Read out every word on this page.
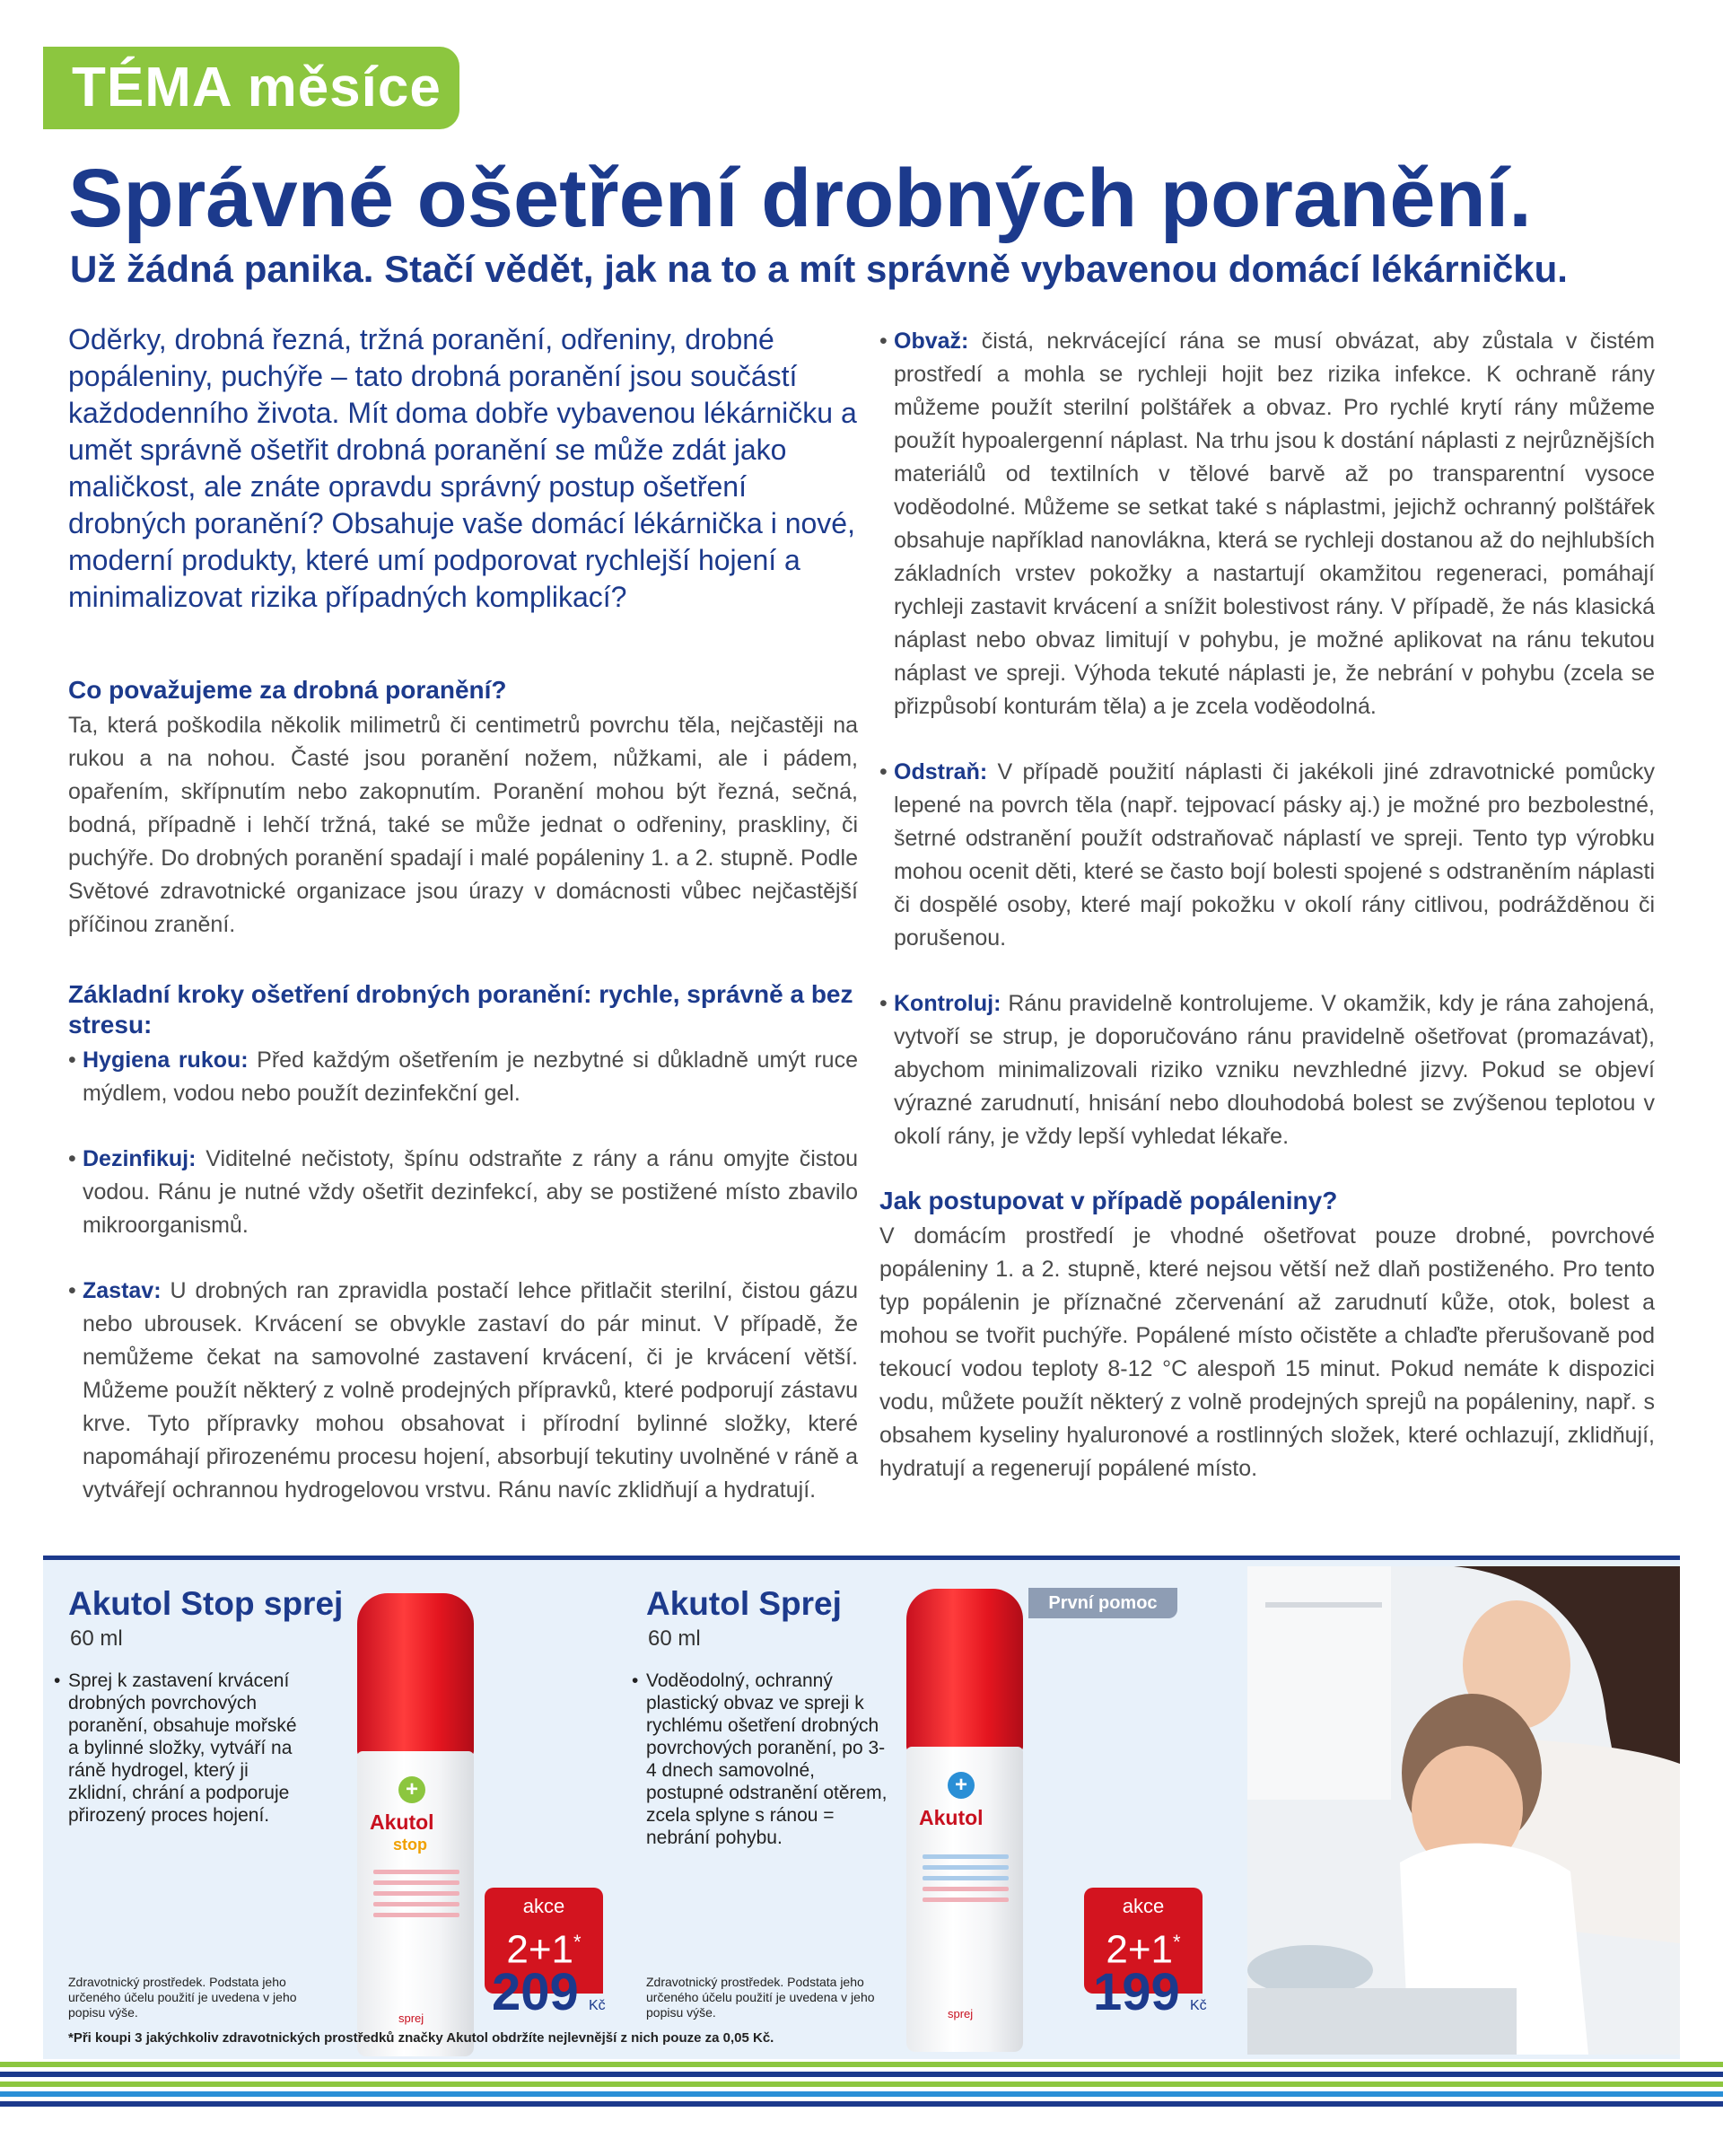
TÉMA měsíce
Správné ošetření drobných poranění.
Už žádná panika. Stačí vědět, jak na to a mít správně vybavenou domácí lékárničku.

Oděrky, drobná řezná, tržná poranění, odřeniny, drobné popáleniny, puchýře – tato drobná poranění jsou součástí každodenního života. Mít doma dobře vybavenou lékárničku a umět správně ošetřit drobná poranění se může zdát jako maličkost, ale znáte opravdu správný postup ošetření drobných poranění? Obsahuje vaše domácí lékárnička i nové, moderní produkty, které umí podporovat rychlejší hojení a minimalizovat rizika případných komplikací?

Co považujeme za drobná poranění?

Ta, která poškodila několik milimetrů či centimetrů povrchu těla, nejčastěji na rukou a na nohou. Časté jsou poranění nožem, nůžkami, ale i pádem, opařením, skřípnutím nebo zakopnutím. Poranění mohou být řezná, sečná, bodná, případně i lehčí tržná, také se může jednat o odřeniny, praskliny, či puchýře. Do drobných poranění spadají i malé popáleniny 1. a 2. stupně. Podle Světové zdravotnické organizace jsou úrazy v domácnosti vůbec nejčastější příčinou zranění.

Základní kroky ošetření drobných poranění: rychle, správně a bez stresu:

• Hygiena rukou: Před každým ošetřením je nezbytné si důkladně umýt ruce mýdlem, vodou nebo použít dezinfekční gel.

• Dezinfikuj: Viditelné nečistoty, špínu odstraňte z rány a ránu omyjte čistou vodou. Ránu je nutné vždy ošetřit dezinfekcí, aby se postižené místo zbavilo mikroorganismů.

• Zastav: U drobných ran zpravidla postačí lehce přitlačit sterilní, čistou gázu nebo ubrousek. Krvácení se obvykle zastaví do pár minut. V případě, že nemůžeme čekat na samovolné zastavení krvácení, či je krvácení větší. Můžeme použít některý z volně prodejných přípravků, které podporují zástavu krve. Tyto přípravky mohou obsahovat i přírodní bylinné složky, které napomáhají přirozenému procesu hojení, absorbují tekutiny uvolněné v ráně a vytvářejí ochrannou hydrogelovou vrstvu. Ránu navíc zklidňují a hydratují.

• Obvaž: čistá, nekrvácející rána se musí obvázat, aby zůstala v čistém prostředí a mohla se rychleji hojit bez rizika infekce. K ochraně rány můžeme použít sterilní polštářek a obvaz. Pro rychlé krytí rány můžeme použít hypoalergenní náplast. Na trhu jsou k dostání náplasti z nejrůznějších materiálů od textilních v tělové barvě až po transparentní vysoce voděodolné. Můžeme se setkat také s náplastmi, jejichž ochranný polštářek obsahuje například nanovlákna, která se rychleji dostanou až do nejhlubších základních vrstev pokožky a nastartují okamžitou regeneraci, pomáhají rychleji zastavit krvácení a snížit bolestivost rány. V případě, že nás klasická náplast nebo obvaz limitují v pohybu, je možné aplikovat na ránu tekutou náplast ve spreji. Výhoda tekuté náplasti je, že nebrání v pohybu (zcela se přizpůsobí konturám těla) a je zcela voděodolná.

• Odstraň: V případě použití náplasti či jakékoli jiné zdravotnické pomůcky lepené na povrch těla (např. tejpovací pásky aj.) je možné pro bezbolestné, šetrné odstranění použít odstraňovač náplastí ve spreji. Tento typ výrobku mohou ocenit děti, které se často bojí bolesti spojené s odstraněním náplasti či dospělé osoby, které mají pokožku v okolí rány citlivou, podrážděnou či porušenou.

• Kontroluj: Ránu pravidelně kontrolujeme. V okamžik, kdy je rána zahojená, vytvoří se strup, je doporučováno ránu pravidelně ošetřovat (promazávat), abychom minimalizovali riziko vzniku nevzhledné jizvy. Pokud se objeví výrazné zarudnutí, hnisání nebo dlouhodobá bolest se zvýšenou teplotou v okolí rány, je vždy lepší vyhledat lékaře.

Jak postupovat v případě popáleniny?

V domácím prostředí je vhodné ošetřovat pouze drobné, povrchové popáleniny 1. a 2. stupně, které nejsou větší než dlaň postiženého. Pro tento typ popálenin je příznačné zčervenání až zarudnutí kůže, otok, bolest a mohou se tvořit puchýře. Popálené místo očistěte a chlaďte přerušovaně pod tekoucí vodou teploty 8-12 °C alespoň 15 minut. Pokud nemáte k dispozici vodu, můžete použít některý z volně prodejných sprejů na popáleniny, např. s obsahem kyseliny hyaluronové a rostlinných složek, které ochlazují, zklidňují, hydratují a regenerují popálené místo.

Akutol Stop sprej
60 ml

• Sprej k zastavení krvácení drobných povrchových poranění, obsahuje mořské a bylinné složky, vytváří na ráně hydrogel, který ji zklidní, chrání a podporuje přirozený proces hojení.

Zdravotnický prostředek. Podstata jeho určeného účelu použití je uvedena v jeho popisu výše.

+
Akutol
stop
sprej
akce
2+1*
209 Kč
Akutol Sprej
60 ml

• Voděodolný, ochranný plastický obvaz ve spreji k rychlému ošetření drobných povrchových poranění, po 3-4 dnech samovolné, postupné odstranění otěrem, zcela splyne s ránou = nebrání pohybu.

Zdravotnický prostředek. Podstata jeho určeného účelu použití je uvedena v jeho popisu výše.

+
Akutol
sprej
První pomoc
akce
2+1*
199 Kč

*Při koupi 3 jakýchkoliv zdravotnických prostředků značky Akutol obdržíte nejlevnější z nich pouze za 0,05 Kč.
